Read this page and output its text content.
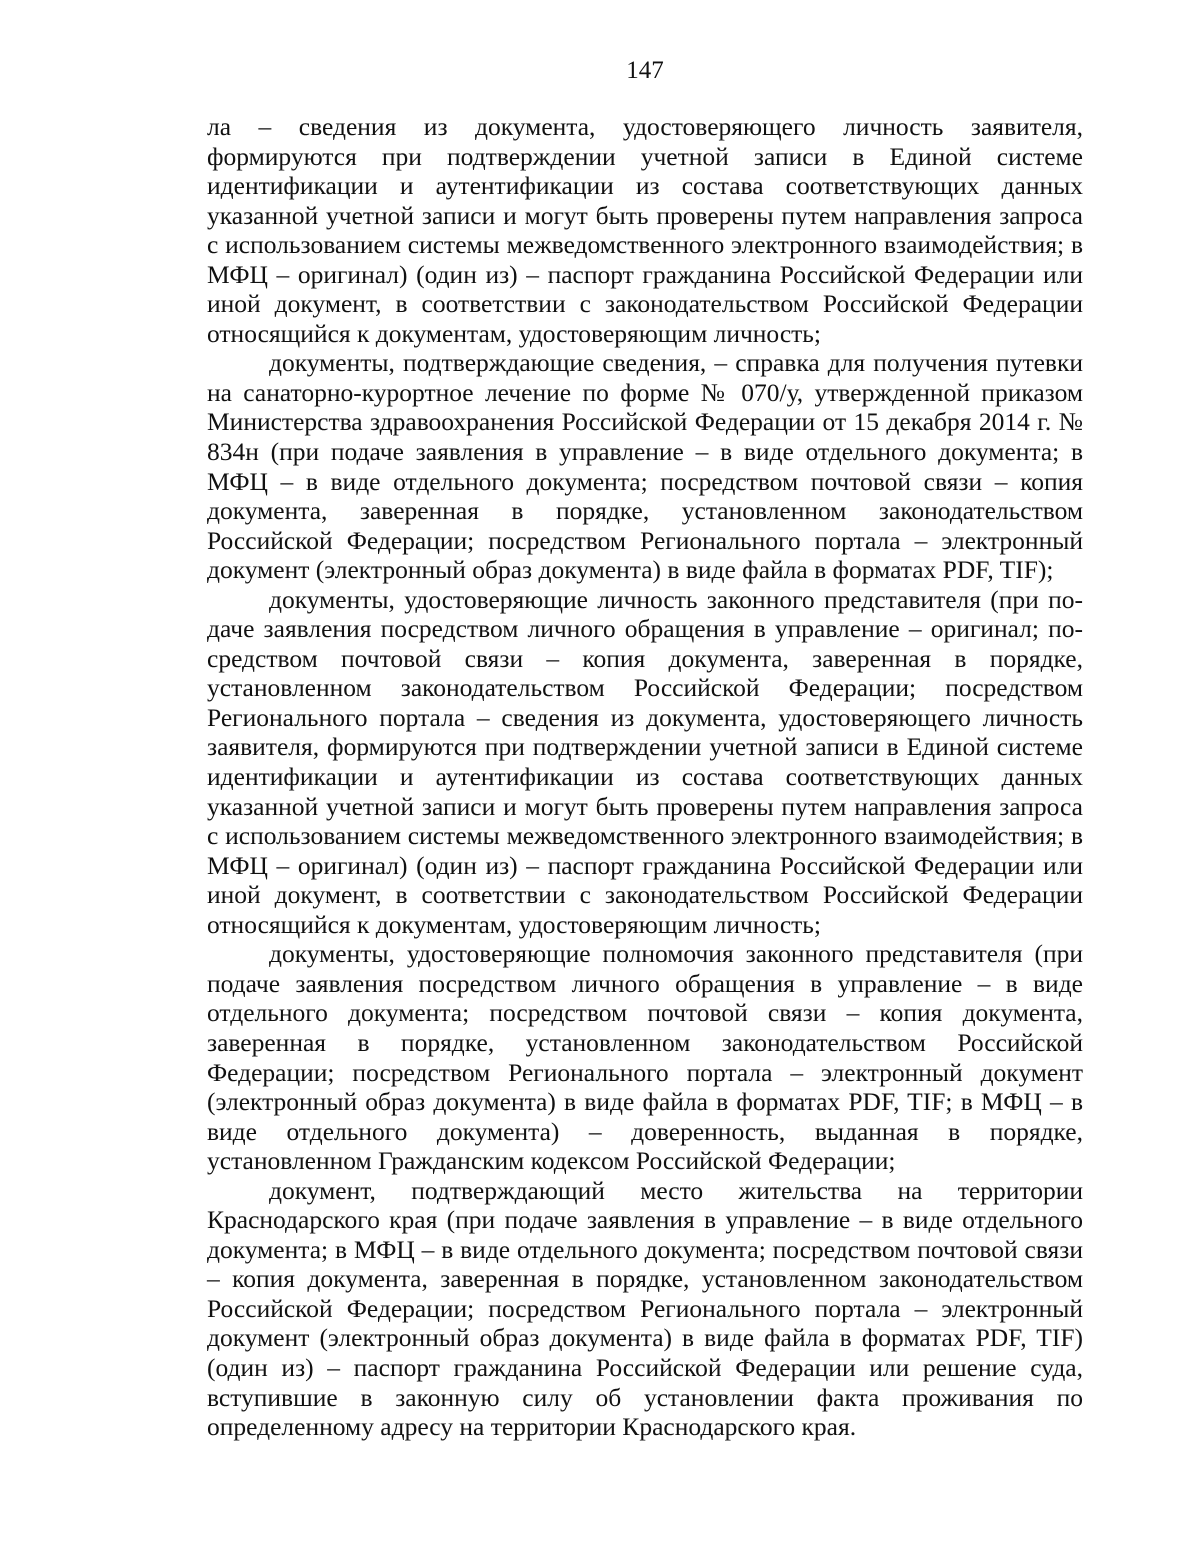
147

ла – сведения из документа, удостоверяющего личность заявителя, формируются при подтверждении учетной записи в Единой системе идентификации и аутентификации из состава соответствующих данных указанной учетной записи и могут быть проверены путем направления запроса с использованием системы межведомственного электронного взаимодействия; в МФЦ – оригинал) (один из) – паспорт гражданина Российской Федерации или иной документ, в соответствии с законодательством Российской Федерации относящийся к документам, удостоверяющим личность;

документы, подтверждающие сведения, – справка для получения путевки на санаторно-курортное лечение по форме № 070/у, утвержденной приказом Министерства здравоохранения Российской Федерации от 15 декабря 2014 г. № 834н (при подаче заявления в управление – в виде отдельного документа; в МФЦ – в виде отдельного документа; посредством почтовой связи – копия документа, заверенная в порядке, установленном законодательством Российской Федерации; посредством Регионального портала – электронный документ (электронный образ документа) в виде файла в форматах PDF, TIF);

документы, удостоверяющие личность законного представителя (при подаче заявления посредством личного обращения в управление – оригинал; посредством почтовой связи – копия документа, заверенная в порядке, установленном законодательством Российской Федерации; посредством Регионального портала – сведения из документа, удостоверяющего личность заявителя, формируются при подтверждении учетной записи в Единой системе идентификации и аутентификации из состава соответствующих данных указанной учетной записи и могут быть проверены путем направления запроса с использованием системы межведомственного электронного взаимодействия; в МФЦ – оригинал) (один из) – паспорт гражданина Российской Федерации или иной документ, в соответствии с законодательством Российской Федерации относящийся к документам, удостоверяющим личность;

документы, удостоверяющие полномочия законного представителя (при подаче заявления посредством личного обращения в управление – в виде отдельного документа; посредством почтовой связи – копия документа, заверенная в порядке, установленном законодательством Российской Федерации; посредством Регионального портала – электронный документ (электронный образ документа) в виде файла в форматах PDF, TIF; в МФЦ – в виде отдельного документа) – доверенность, выданная в порядке, установленном Гражданским кодексом Российской Федерации;

документ, подтверждающий место жительства на территории Краснодарского края (при подаче заявления в управление – в виде отдельного документа; в МФЦ – в виде отдельного документа; посредством почтовой связи – копия документа, заверенная в порядке, установленном законодательством Российской Федерации; посредством Регионального портала – электронный документ (электронный образ документа) в виде файла в форматах PDF, TIF) (один из) – паспорт гражданина Российской Федерации или решение суда, вступившие в законную силу об установлении факта проживания по определенному адресу на территории Краснодарского края.
